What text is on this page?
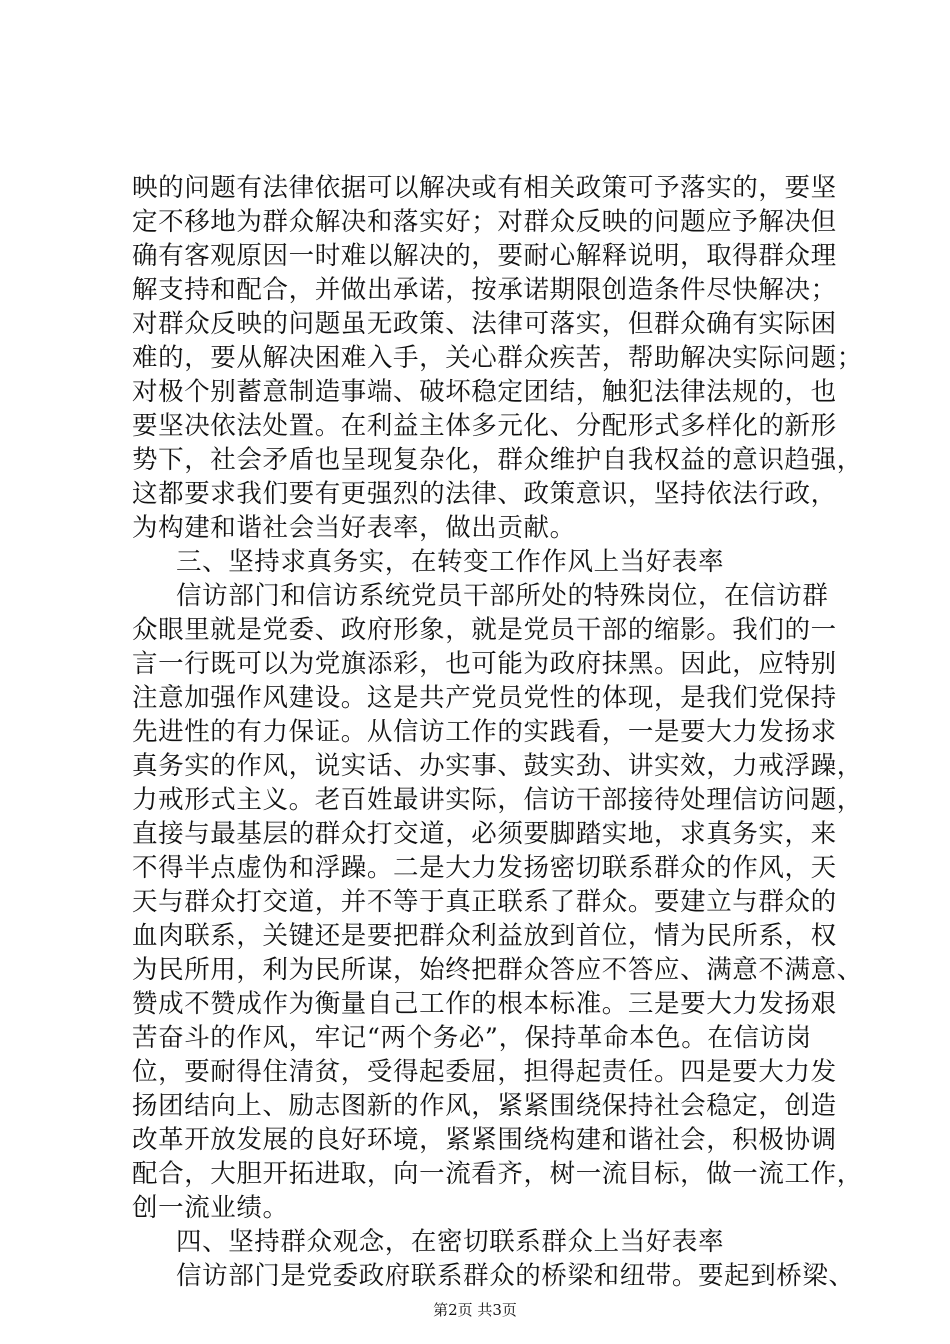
映的问题有法律依据可以解决或有相关政策可予落实的，要坚
定不移地为群众解决和落实好；对群众反映的问题应予解决但
确有客观原因一时难以解决的，要耐心解释说明，取得群众理
解支持和配合，并做出承诺，按承诺期限创造条件尽快解决；
对群众反映的问题虽无政策、法律可落实，但群众确有实际困
难的，要从解决困难入手，关心群众疾苦，帮助解决实际问题；
对极个别蓄意制造事端、破坏稳定团结，触犯法律法规的，也
要坚决依法处置。在利益主体多元化、分配形式多样化的新形
势下，社会矛盾也呈现复杂化，群众维护自我权益的意识趋强，
这都要求我们要有更强烈的法律、政策意识，坚持依法行政，
为构建和谐社会当好表率，做出贡献。
三、坚持求真务实，在转变工作作风上当好表率
信访部门和信访系统党员干部所处的特殊岗位，在信访群
众眼里就是党委、政府形象，就是党员干部的缩影。我们的一
言一行既可以为党旗添彩，也可能为政府抹黑。因此，应特别
注意加强作风建设。这是共产党员党性的体现，是我们党保持
先进性的有力保证。从信访工作的实践看，一是要大力发扬求
真务实的作风，说实话、办实事、鼓实劲、讲实效，力戒浮躁，
力戒形式主义。老百姓最讲实际，信访干部接待处理信访问题，
直接与最基层的群众打交道，必须要脚踏实地，求真务实，来
不得半点虚伪和浮躁。二是大力发扬密切联系群众的作风，天
天与群众打交道，并不等于真正联系了群众。要建立与群众的
血肉联系，关键还是要把群众利益放到首位，情为民所系，权
为民所用，利为民所谋，始终把群众答应不答应、满意不满意、
赞成不赞成作为衡量自己工作的根本标准。三是要大力发扬艰
苦奋斗的作风，牢记“两个务必”，保持革命本色。在信访岗
位，要耐得住清贫，受得起委屈，担得起责任。四是要大力发
扬团结向上、励志图新的作风，紧紧围绕保持社会稳定，创造
改革开放发展的良好环境，紧紧围绕构建和谐社会，积极协调
配合，大胆开拓进取，向一流看齐，树一流目标，做一流工作，
创一流业绩。
四、坚持群众观念，在密切联系群众上当好表率
信访部门是党委政府联系群众的桥梁和纽带。要起到桥梁、
第2页 共3页
